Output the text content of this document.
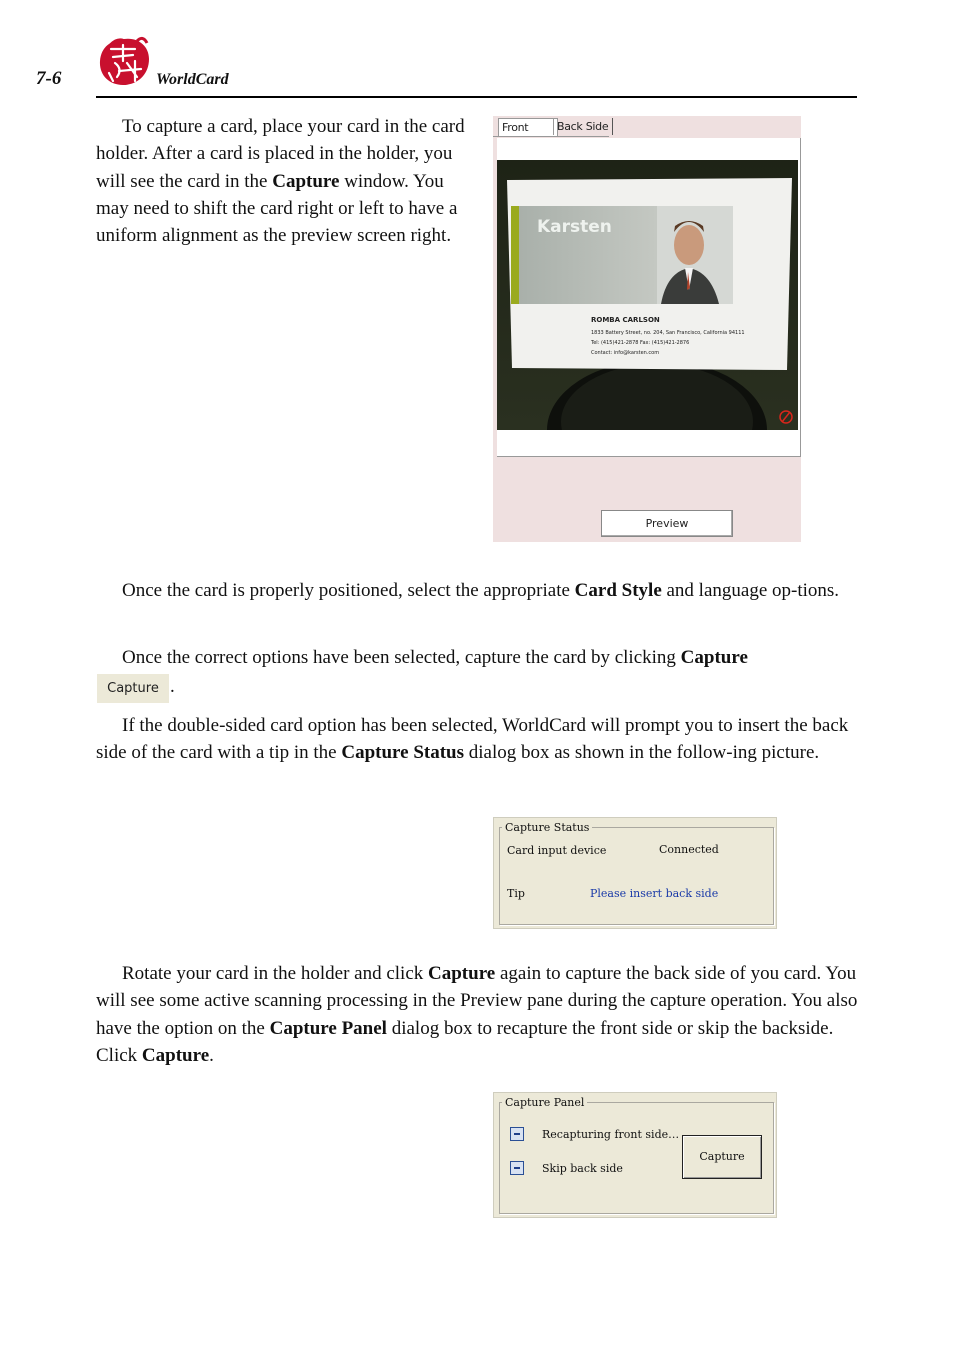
7-6	WorldCard

To capture a card, place your card in the card holder. After a card is placed in the holder, you will see the card in the Capture window. You may need to shift the card right or left to have a uniform alignment as the preview screen right.

Front	Back Side
Karsten
ROMBA CARLSON
1833 Battery Street, no. 204, San Francisco, California 94111
Tel: (415)421-2878 Fax: (415)421-2876
Contact: info@karsten.com
Preview

Once the card is properly positioned, select the appropriate Card Style and language op-tions.

Once the correct options have been selected, capture the card by clicking Capture

Capture .

If the double-sided card option has been selected, WorldCard will prompt you to insert the back side of the card with a tip in the Capture Status dialog box as shown in the follow-ing picture.

Capture Status
Card input device	Connected
Tip	Please insert back side

Rotate your card in the holder and click Capture again to capture the back side of you card. You will see some active scanning processing in the Preview pane during the capture operation. You also have the option on the Capture Panel dialog box to recapture the front side or skip the backside. Click Capture.

Capture Panel
Recapturing front side…
Skip back side
Capture
